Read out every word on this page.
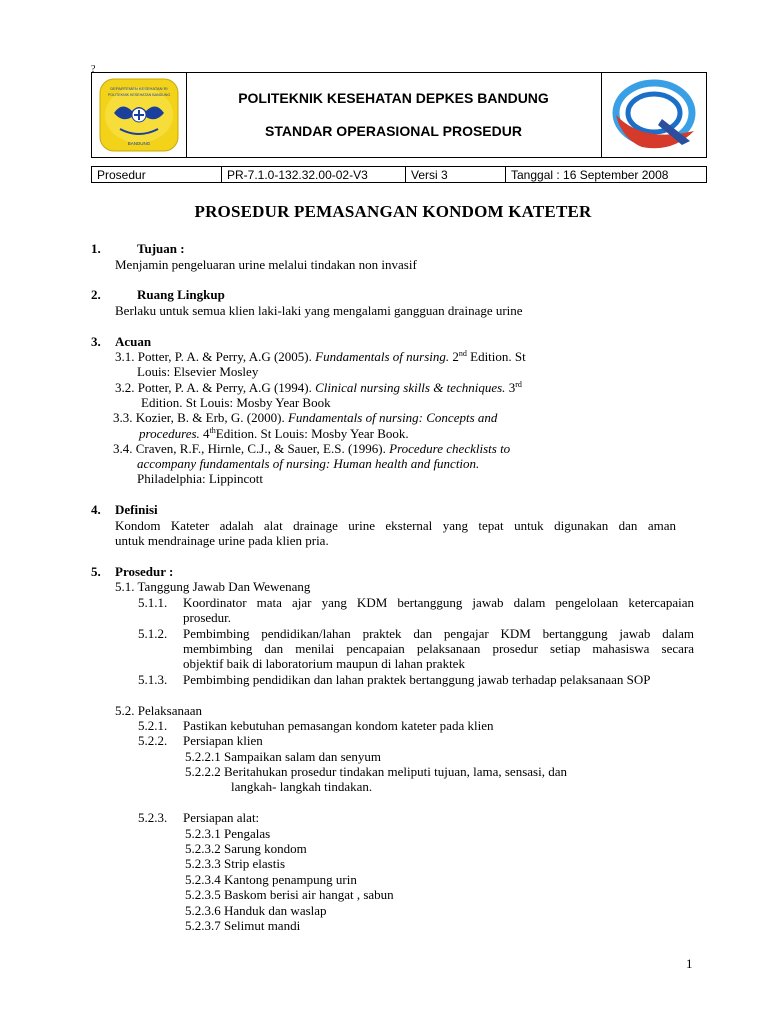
?
DEPARTEMEN KESEHATAN RI
POLITEKNIK KESEHATAN BANDUNG
BANDUNG
POLITEKNIK KESEHATAN DEPKES BANDUNG
STANDAR OPERASIONAL PROSEDUR
Prosedur	PR-7.1.0-132.32.00-02-V3	Versi 3	Tanggal : 16 September 2008
PROSEDUR PEMASANGAN KONDOM KATETER
1.	Tujuan :
Menjamin pengeluaran urine melalui tindakan non invasif
2.	Ruang Lingkup
Berlaku untuk semua klien laki-laki yang mengalami gangguan drainage urine
3. Acuan
3.1. Potter, P. A. & Perry, A.G (2005). Fundamentals of nursing. 2nd Edition. St
Louis: Elsevier Mosley
3.2. Potter, P. A. & Perry, A.G (1994). Clinical nursing skills & techniques. 3rd
Edition. St Louis: Mosby Year Book
3.3. Kozier, B. & Erb, G. (2000). Fundamentals of nursing: Concepts and
procedures. 4thEdition. St Louis: Mosby Year Book.
3.4. Craven, R.F., Hirnle, C.J., & Sauer, E.S. (1996). Procedure checklists to
accompany fundamentals of nursing: Human health and function.
Philadelphia: Lippincott
4. Definisi
Kondom Kateter adalah alat drainage urine eksternal yang tepat untuk digunakan dan aman
untuk mendrainage urine pada klien pria.
5. Prosedur :
5.1. Tanggung Jawab Dan Wewenang
5.1.1. Koordinator mata ajar yang KDM bertanggung jawab dalam pengelolaan ketercapaian
prosedur.
5.1.2. Pembimbing pendidikan/lahan praktek dan pengajar KDM bertanggung jawab dalam
membimbing dan menilai pencapaian pelaksanaan prosedur setiap mahasiswa secara
objektif baik di laboratorium maupun di lahan praktek
5.1.3. Pembimbing pendidikan dan lahan praktek bertanggung jawab terhadap pelaksanaan SOP
5.2. Pelaksanaan
5.2.1. Pastikan kebutuhan pemasangan kondom kateter pada klien
5.2.2. Persiapan klien
5.2.2.1 Sampaikan salam dan senyum
5.2.2.2 Beritahukan prosedur tindakan meliputi tujuan, lama, sensasi, dan
langkah- langkah tindakan.
5.2.3. Persiapan alat:
5.2.3.1 Pengalas
5.2.3.2 Sarung kondom
5.2.3.3 Strip elastis
5.2.3.4 Kantong penampung urin
5.2.3.5 Baskom berisi air hangat , sabun
5.2.3.6 Handuk dan waslap
5.2.3.7 Selimut mandi
1
